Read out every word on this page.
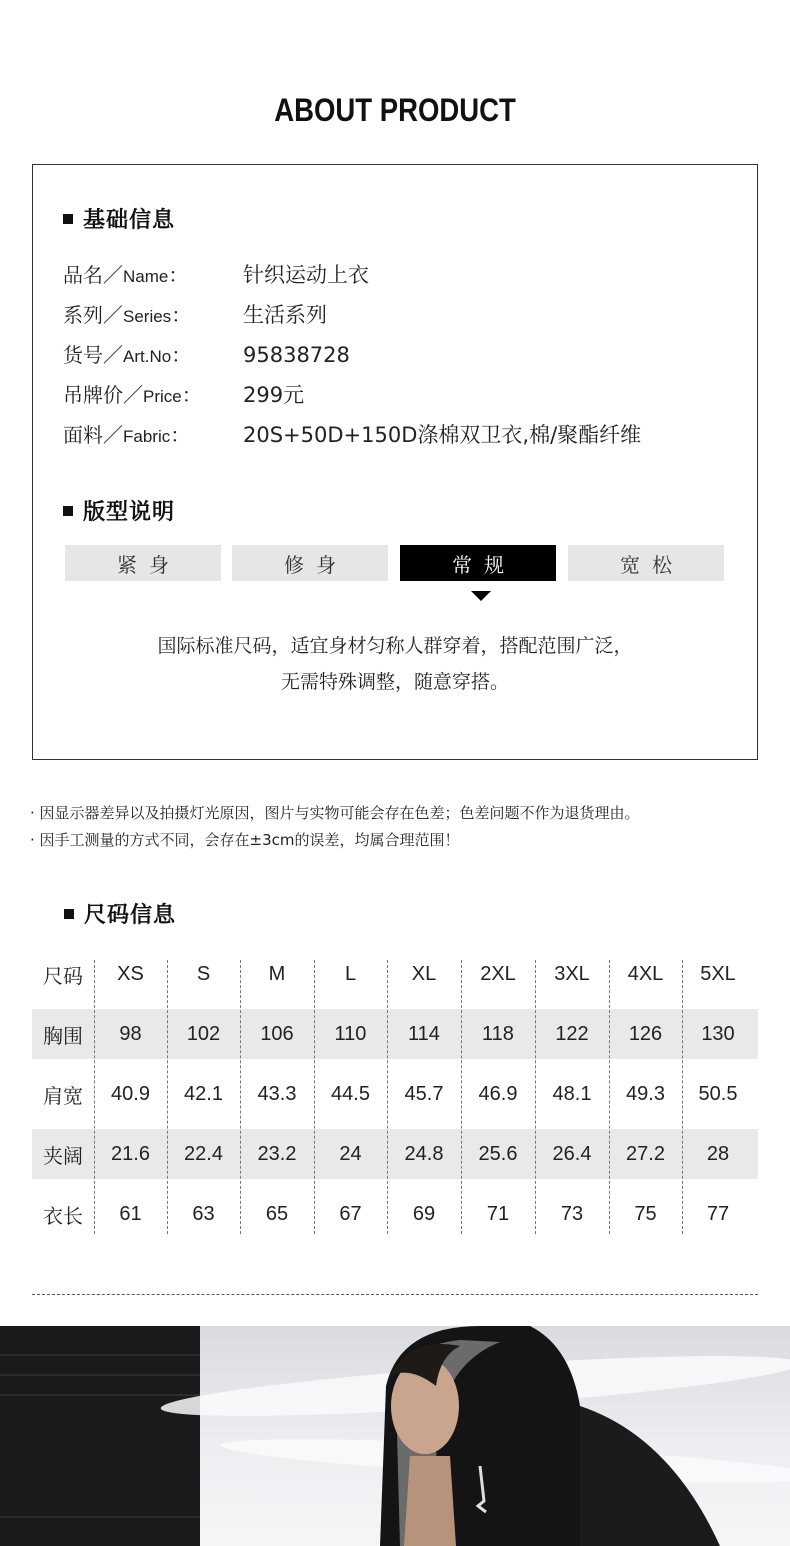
ABOUT PRODUCT
基础信息
品名／Name：	针织运动上衣
系列／Series：	生活系列
货号／Art.No：	95838728
吊牌价／Price：	299元
面料／Fabric：	20S+50D+150D涤棉双卫衣,棉/聚酯纤维
版型说明
紧身	修身	常规	宽松
国际标准尺码，适宜身材匀称人群穿着，搭配范围广泛，
无需特殊调整，随意穿搭。
· 因显示器差异以及拍摄灯光原因，图片与实物可能会存在色差；色差问题不作为退货理由。
· 因手工测量的方式不同，会存在±3cm的误差，均属合理范围！
尺码信息
尺码	XS	S	M	L	XL	2XL	3XL	4XL	5XL
胸围	98	102	106	110	114	118	122	126	130
肩宽	40.9	42.1	43.3	44.5	45.7	46.9	48.1	49.3	50.5
夹阔	21.6	22.4	23.2	24	24.8	25.6	26.4	27.2	28
衣长	61	63	65	67	69	71	73	75	77
